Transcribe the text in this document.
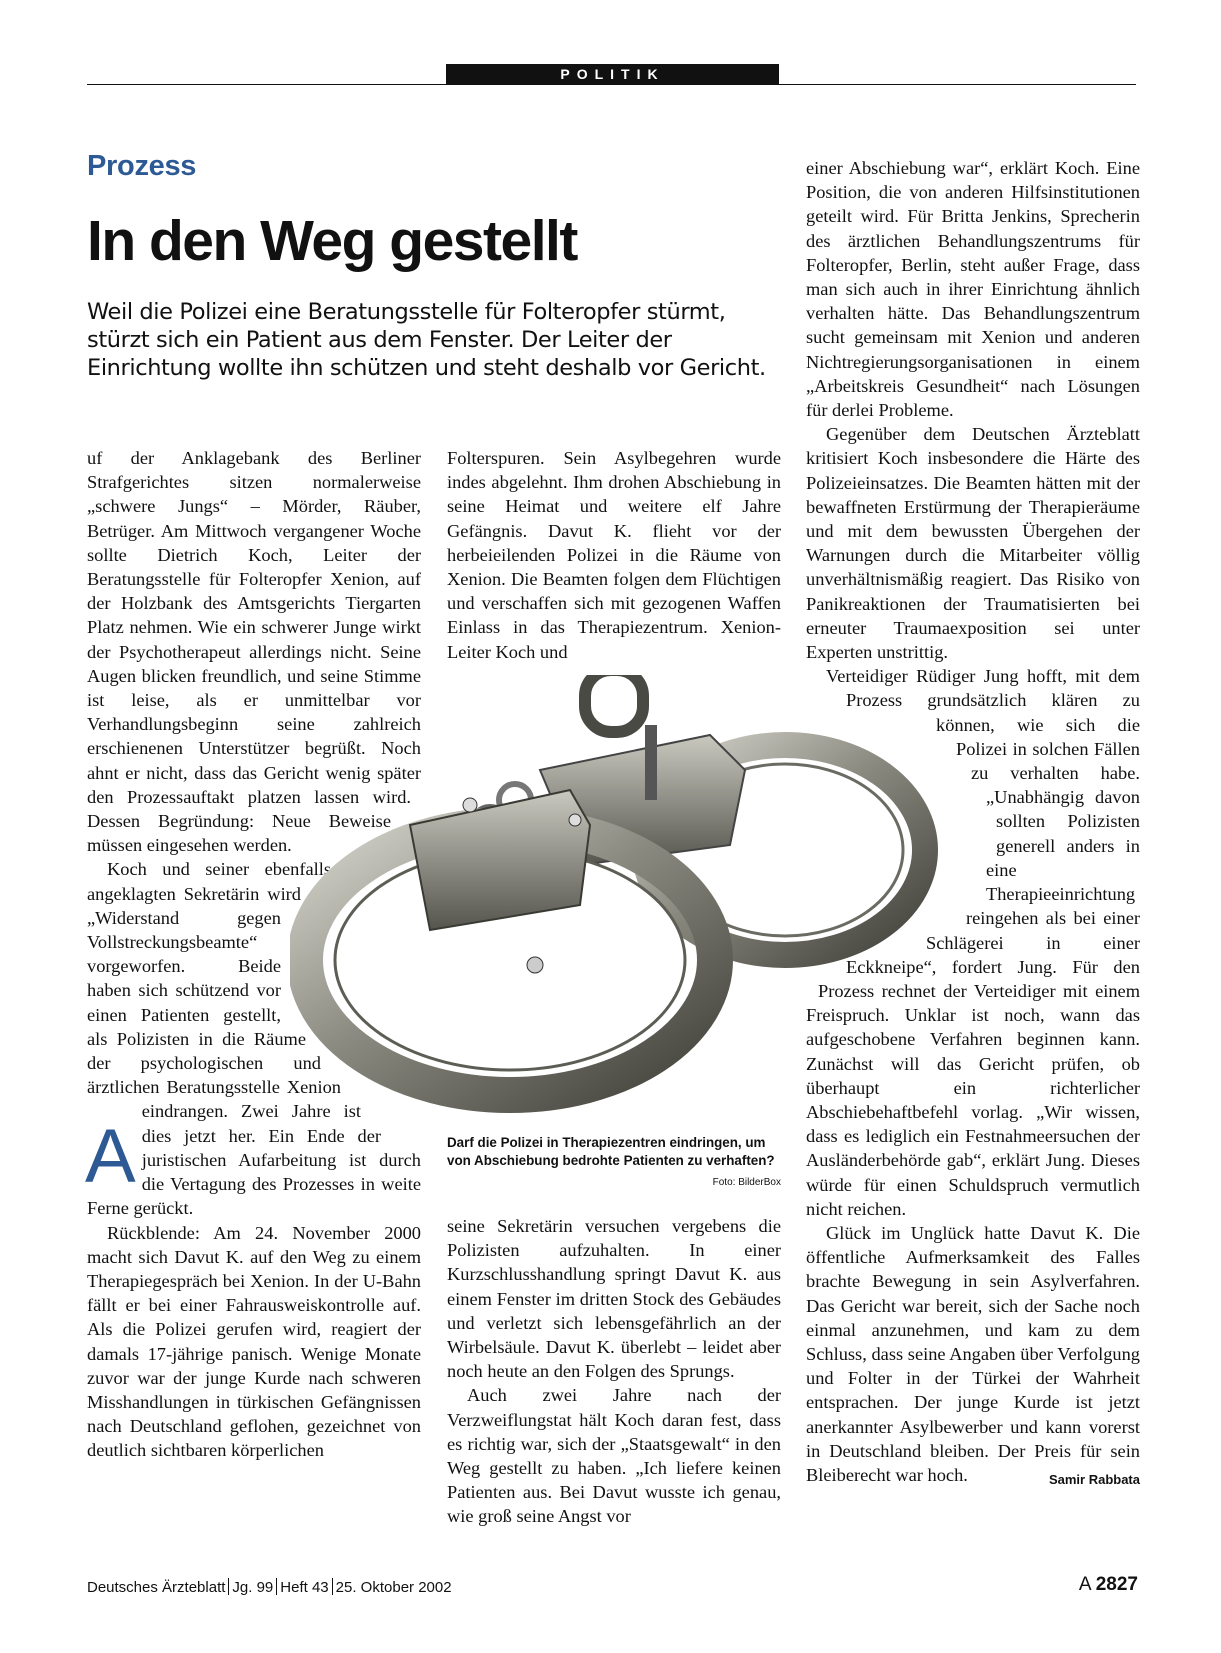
POLITIK
Prozess
In den Weg gestellt
Weil die Polizei eine Beratungsstelle für Folteropfer stürmt, stürzt sich ein Patient aus dem Fenster. Der Leiter der Einrichtung wollte ihn schützen und steht deshalb vor Gericht.
A

uf der Anklagebank des Berliner Strafgerichtes sitzen normalerweise „schwere Jungs“ – Mörder, Räuber, Betrüger. Am Mittwoch vergangener Woche sollte Dietrich Koch, Leiter der Beratungsstelle für Folteropfer Xenion, auf der Holzbank des Amtsgerichts Tiergarten Platz nehmen. Wie ein schwerer Junge wirkt der Psychotherapeut allerdings nicht. Seine Augen blicken freundlich, und seine Stimme ist leise, als er unmittelbar vor Verhandlungsbeginn seine zahlreich erschienenen Unterstützer begrüßt. Noch ahnt er nicht, dass das Gericht wenig später den Prozessauftakt platzen lassen wird. Dessen Begründung: Neue Beweise müssen eingesehen werden.

Koch und seiner ebenfalls angeklagten Sekretärin wird „Widerstand gegen Vollstreckungsbeamte“ vorgeworfen. Beide haben sich schützend vor einen Patienten gestellt, als Polizisten in die Räume der psychologischen und ärztlichen Beratungsstelle Xenion eindrangen. Zwei Jahre ist dies jetzt her. Ein Ende der juristischen Aufarbeitung ist durch die Vertagung des Prozesses in weite Ferne gerückt.

Rückblende: Am 24. November 2000 macht sich Davut K. auf den Weg zu einem Therapiegespräch bei Xenion. In der U-Bahn fällt er bei einer Fahrausweiskontrolle auf. Als die Polizei gerufen wird, reagiert der damals 17-jährige panisch. Wenige Monate zuvor war der junge Kurde nach schweren Misshandlungen in türkischen Gefängnissen nach Deutschland geflohen, gezeichnet von deutlich sichtbaren körperlichen

Folterspuren. Sein Asylbegehren wurde indes abgelehnt. Ihm drohen Abschiebung in seine Heimat und weitere elf Jahre Gefängnis. Davut K. flieht vor der herbeieilenden Polizei in die Räume von Xenion. Die Beamten folgen dem Flüchtigen und verschaffen sich mit gezogenen Waffen Einlass in das Therapiezentrum. Xenion-Leiter Koch und

Darf die Polizei in Therapiezentren eindringen, um von Abschiebung bedrohte Patienten zu verhaften?
Foto: BilderBox

seine Sekretärin versuchen vergebens die Polizisten aufzuhalten. In einer Kurzschlusshandlung springt Davut K. aus einem Fenster im dritten Stock des Gebäudes und verletzt sich lebensgefährlich an der Wirbelsäule. Davut K. überlebt – leidet aber noch heute an den Folgen des Sprungs.

Auch zwei Jahre nach der Verzweiflungstat hält Koch daran fest, dass es richtig war, sich der „Staatsgewalt“ in den Weg gestellt zu haben. „Ich liefere keinen Patienten aus. Bei Davut wusste ich genau, wie groß seine Angst vor

einer Abschiebung war“, erklärt Koch. Eine Position, die von anderen Hilfsinstitutionen geteilt wird. Für Britta Jenkins, Sprecherin des ärztlichen Behandlungszentrums für Folteropfer, Berlin, steht außer Frage, dass man sich auch in ihrer Einrichtung ähnlich verhalten hätte. Das Behandlungszentrum sucht gemeinsam mit Xenion und anderen Nichtregierungsorganisationen in einem „Arbeitskreis Gesundheit“ nach Lösungen für derlei Probleme.

Gegenüber dem Deutschen Ärzteblatt kritisiert Koch insbesondere die Härte des Polizeieinsatzes. Die Beamten hätten mit der bewaffneten Erstürmung der Therapieräume und mit dem bewussten Übergehen der Warnungen durch die Mitarbeiter völlig unverhältnismäßig reagiert. Das Risiko von Panikreaktionen der Traumatisierten bei erneuter Traumaexposition sei unter Experten unstrittig.

Verteidiger Rüdiger Jung hofft, mit dem Prozess grundsätzlich klären zu können, wie sich die Polizei in solchen Fällen zu verhalten habe. „Unabhängig davon sollten Polizisten generell anders in eine Therapieeinrichtung reingehen als bei einer Schlägerei in einer Eckkneipe“, fordert Jung. Für den Prozess rechnet der Verteidiger mit einem Freispruch. Unklar ist noch, wann das aufgeschobene Verfahren beginnen kann. Zunächst will das Gericht prüfen, ob überhaupt ein richterlicher Abschiebehaftbefehl vorlag. „Wir wissen, dass es lediglich ein Festnahmeersuchen der Ausländerbehörde gab“, erklärt Jung. Dieses würde für einen Schuldspruch vermutlich nicht reichen.

Glück im Unglück hatte Davut K. Die öffentliche Aufmerksamkeit des Falles brachte Bewegung in sein Asylverfahren. Das Gericht war bereit, sich der Sache noch einmal anzunehmen, und kam zu dem Schluss, dass seine Angaben über Verfolgung und Folter in der Türkei der Wahrheit entsprachen. Der junge Kurde ist jetzt anerkannter Asylbewerber und kann vorerst in Deutschland bleiben. Der Preis für sein Bleiberecht war hoch.	Samir Rabbata

Deutsches Ärzteblatt Jg. 99 Heft 43 25. Oktober 2002	A 2827
